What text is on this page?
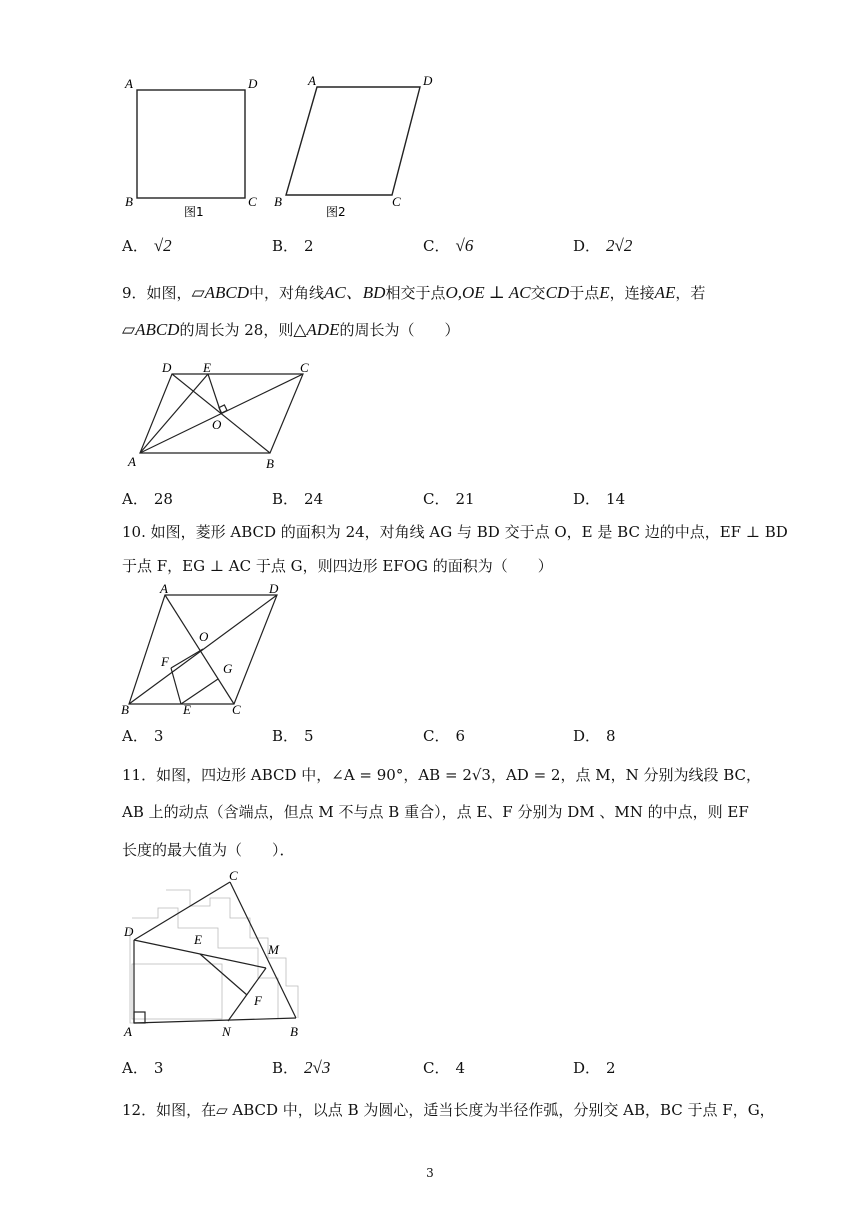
A	D
B	C
图1
A	D
B	C
图2
A． √2	B． 2	C． √6	D． 2√2
9．如图，▱ABCD中，对角线AC、BD相交于点O,OE ⊥ AC交CD于点E，连接AE，若
▱ABCD的周长为 28，则△ADE的周长为（　　）
D E	C
O
A	B
A． 28	B． 24	C． 21	D． 14
10. 如图，菱形 ABCD 的面积为 24，对角线 AG 与 BD 交于点 O，E 是 BC 边的中点，EF ⊥ BD
于点 F，EG ⊥ AC 于点 G，则四边形 EFOG 的面积为（　　）
A	D
O
F	G
B	E	C
A． 3	B． 5	C． 6	D． 8
11．如图，四边形 ABCD 中，∠A = 90°，AB = 2√3，AD = 2，点 M，N 分别为线段 BC，
AB 上的动点（含端点，但点 M 不与点 B 重合），点 E、F 分别为 DM 、MN 的中点，则 EF
长度的最大值为（　　）．
C
D
E
M
F
A	N	B
A． 3	B． 2√3	C． 4	D． 2
12．如图，在▱ ABCD 中，以点 B 为圆心，适当长度为半径作弧，分别交 AB，BC 于点 F，G，
3
